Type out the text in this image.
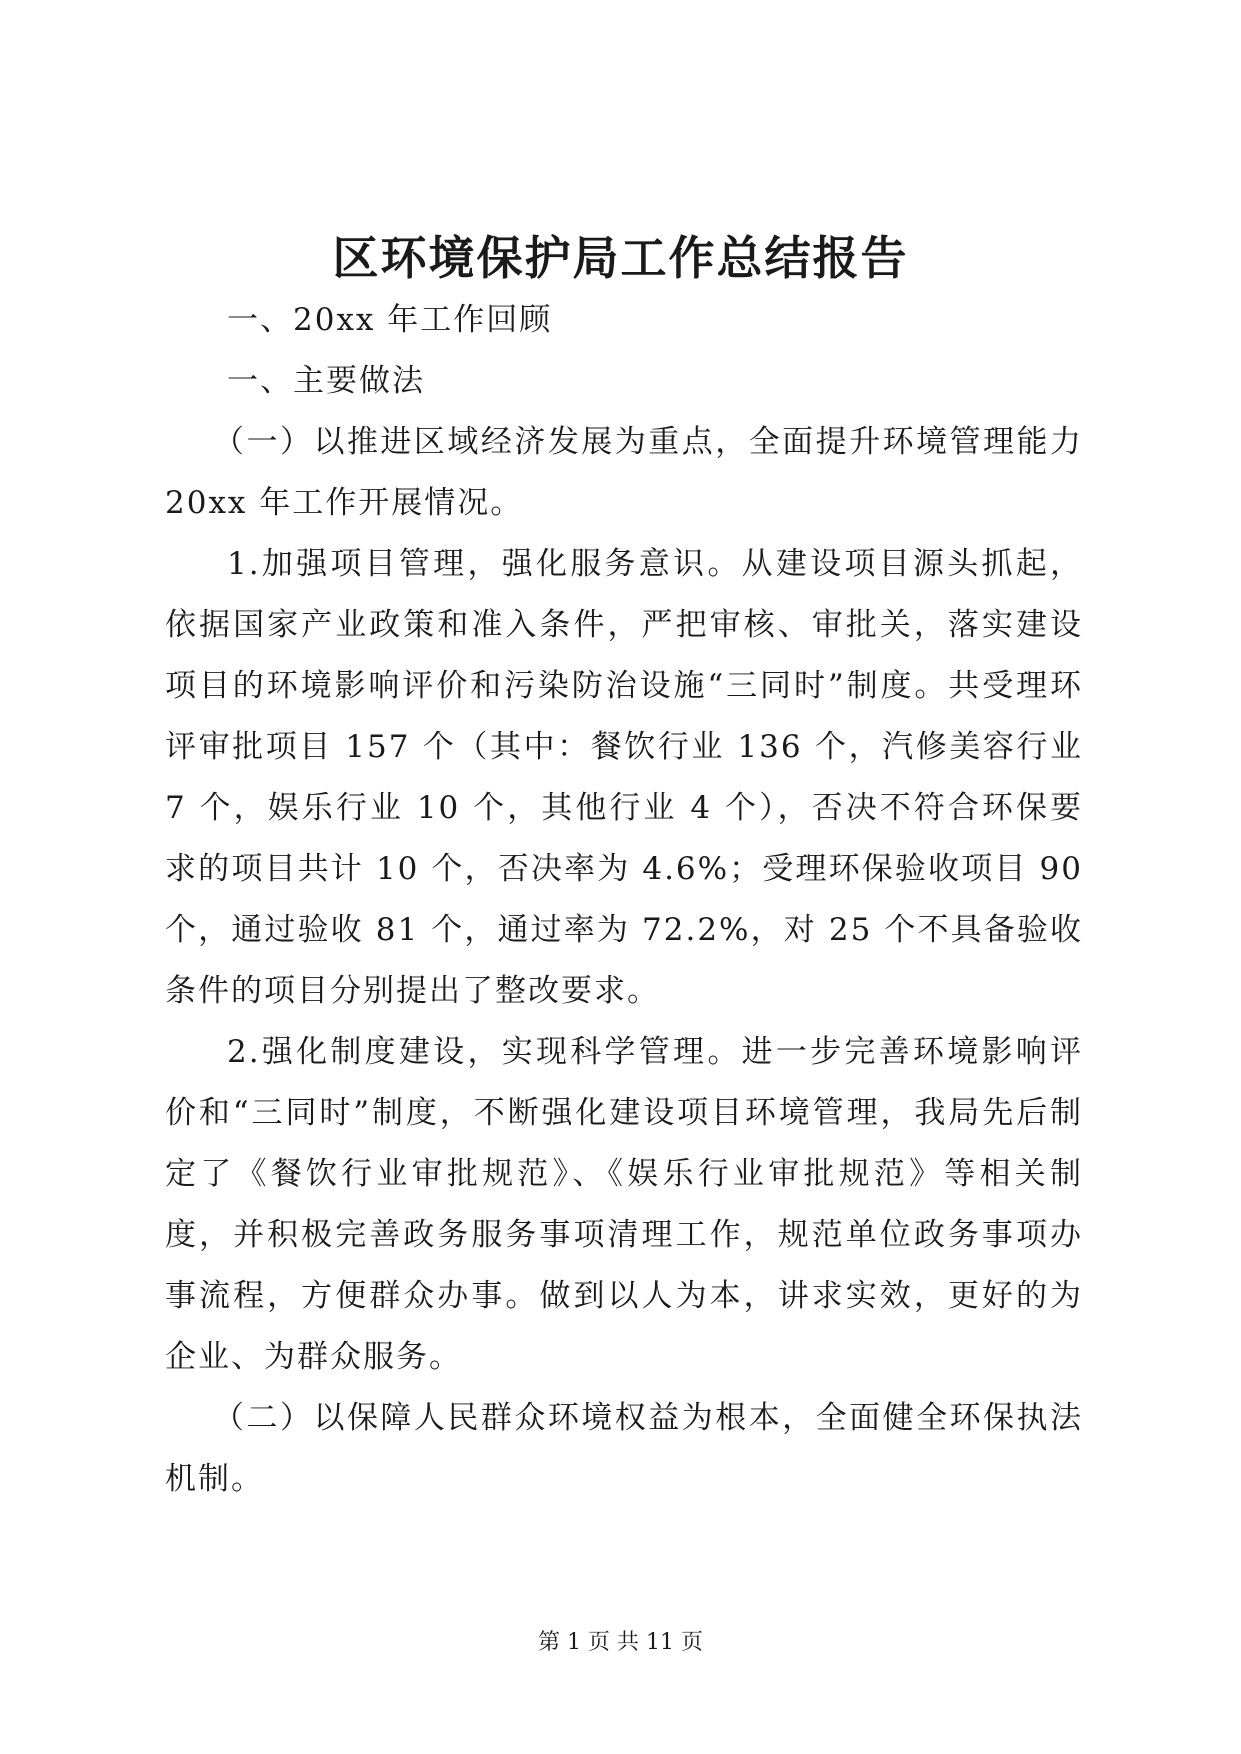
区环境保护局工作总结报告

一、20xx 年工作回顾

一、主要做法

（一）以推进区域经济发展为重点，全面提升环境管理能力 20xx 年工作开展情况。

1.加强项目管理，强化服务意识。从建设项目源头抓起，依据国家产业政策和准入条件，严把审核、审批关，落实建设项目的环境影响评价和污染防治设施“三同时”制度。共受理环评审批项目 157 个（其中：餐饮行业 136 个，汽修美容行业 7 个，娱乐行业 10 个，其他行业 4 个），否决不符合环保要求的项目共计 10 个，否决率为 4.6%；受理环保验收项目 90 个，通过验收 81 个，通过率为 72.2%，对 25 个不具备验收条件的项目分别提出了整改要求。

2.强化制度建设，实现科学管理。进一步完善环境影响评价和“三同时”制度，不断强化建设项目环境管理，我局先后制定了《餐饮行业审批规范》、《娱乐行业审批规范》等相关制度，并积极完善政务服务事项清理工作，规范单位政务事项办事流程，方便群众办事。做到以人为本，讲求实效，更好的为企业、为群众服务。

（二）以保障人民群众环境权益为根本，全面健全环保执法机制。

第 1 页 共 11 页
